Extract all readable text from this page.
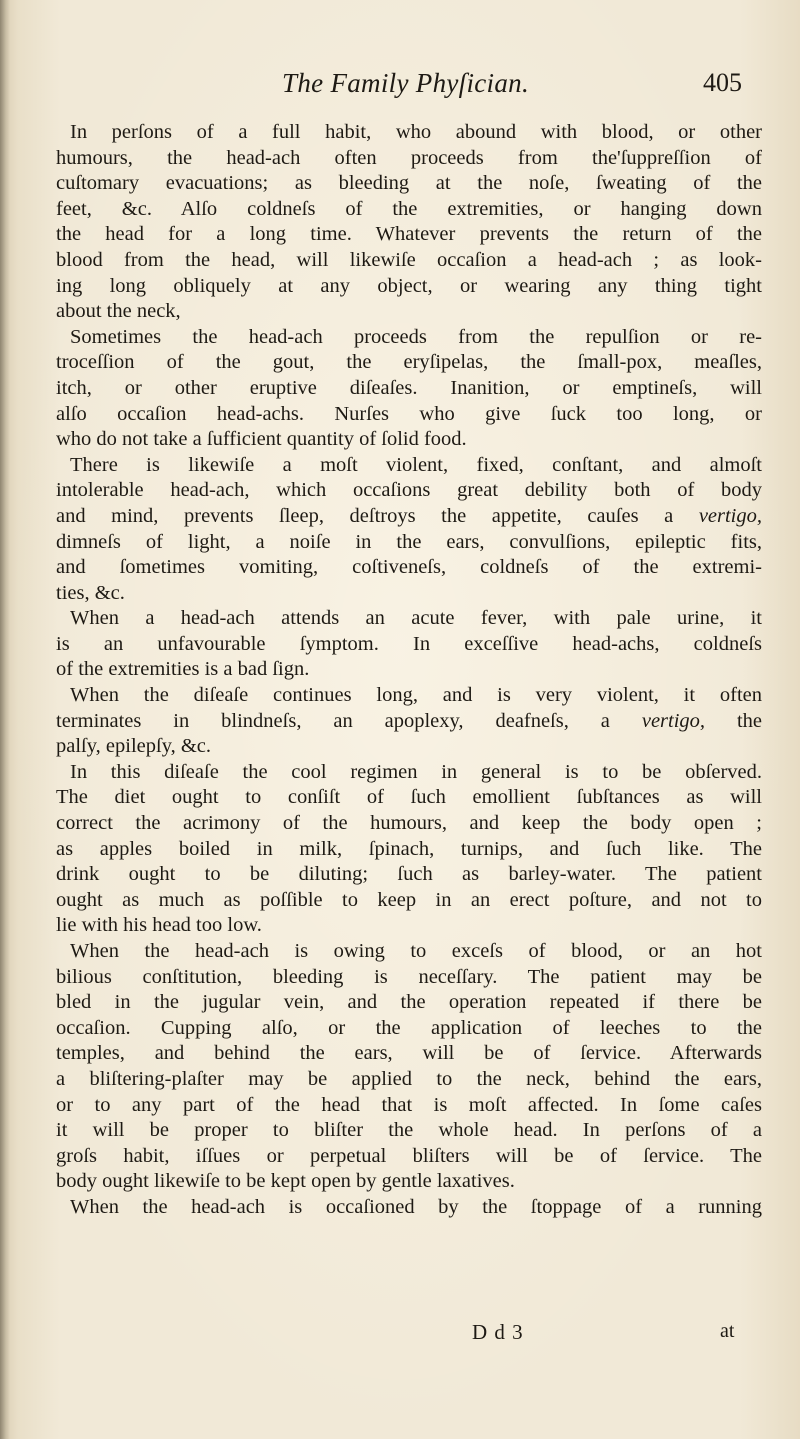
The Family Phyſician.	405
In perſons of a full habit, who abound with blood, or other
humours, the head-ach often proceeds from the'ſuppreſſion of
cuſtomary evacuations; as bleeding at the noſe, ſweating of the
feet, &c. Alſo coldneſs of the extremities, or hanging down
the head for a long time. Whatever prevents the return of the
blood from the head, will likewiſe occaſion a head-ach ; as look-
ing long obliquely at any object, or wearing any thing tight
about the neck,
Sometimes the head-ach proceeds from the repulſion or re-
troceſſion of the gout, the eryſipelas, the ſmall-pox, meaſles,
itch, or other eruptive diſeaſes. Inanition, or emptineſs, will
alſo occaſion head-achs. Nurſes who give ſuck too long, or
who do not take a ſufficient quantity of ſolid food.
There is likewiſe a moſt violent, fixed, conſtant, and almoſt
intolerable head-ach, which occaſions great debility both of body
and mind, prevents ſleep, deſtroys the appetite, cauſes a vertigo,
dimneſs of light, a noiſe in the ears, convulſions, epileptic fits,
and ſometimes vomiting, coſtiveneſs, coldneſs of the extremi-
ties, &c.
When a head-ach attends an acute fever, with pale urine, it
is an unfavourable ſymptom. In exceſſive head-achs, coldneſs
of the extremities is a bad ſign.
When the diſeaſe continues long, and is very violent, it often
terminates in blindneſs, an apoplexy, deafneſs, a vertigo, the
palſy, epilepſy, &c.
In this diſeaſe the cool regimen in general is to be obſerved.
The diet ought to conſiſt of ſuch emollient ſubſtances as will
correct the acrimony of the humours, and keep the body open ;
as apples boiled in milk, ſpinach, turnips, and ſuch like. The
drink ought to be diluting; ſuch as barley-water. The patient
ought as much as poſſible to keep in an erect poſture, and not to
lie with his head too low.
When the head-ach is owing to exceſs of blood, or an hot
bilious conſtitution, bleeding is neceſſary. The patient may be
bled in the jugular vein, and the operation repeated if there be
occaſion. Cupping alſo, or the application of leeches to the
temples, and behind the ears, will be of ſervice. Afterwards
a bliſtering-plaſter may be applied to the neck, behind the ears,
or to any part of the head that is moſt affected. In ſome caſes
it will be proper to bliſter the whole head. In perſons of a
groſs habit, iſſues or perpetual bliſters will be of ſervice. The
body ought likewiſe to be kept open by gentle laxatives.
When the head-ach is occaſioned by the ſtoppage of a running
D d 3	at
